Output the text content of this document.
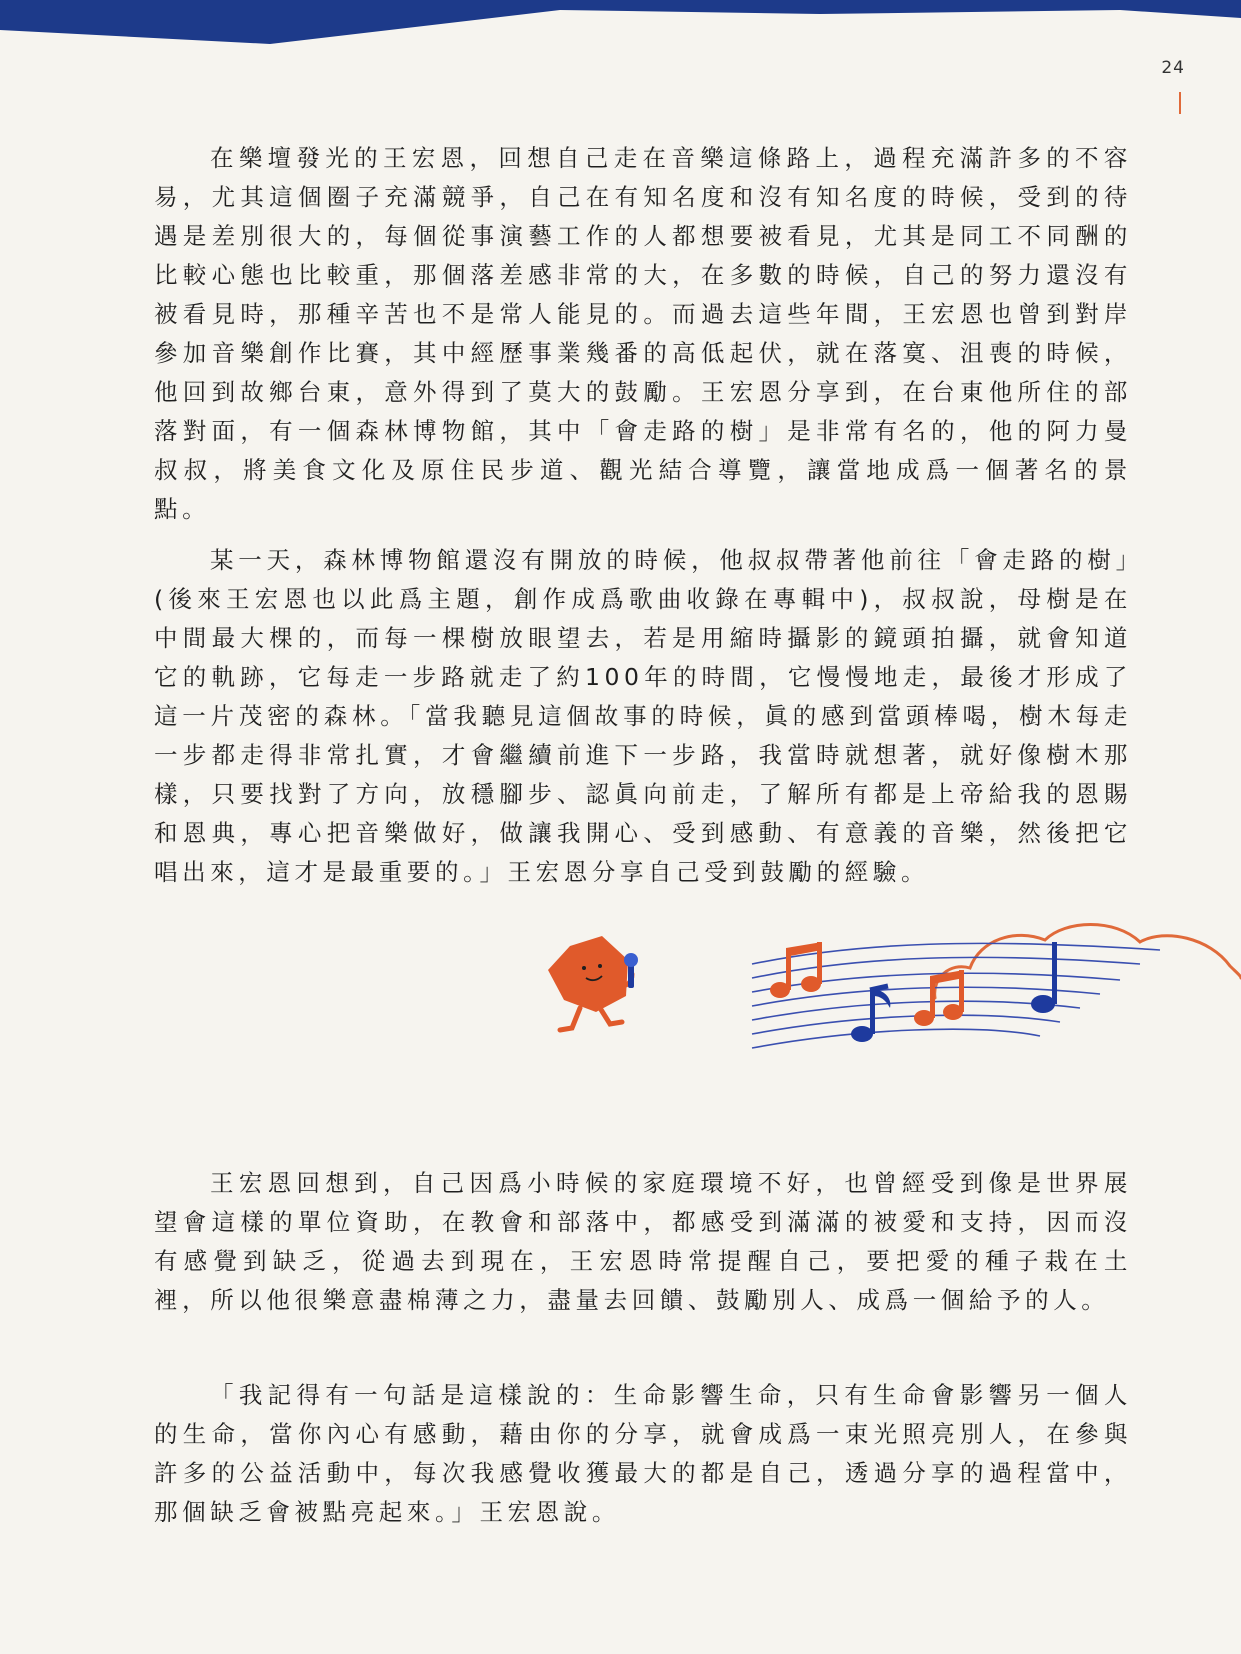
24

在樂壇發光的王宏恩，回想自己走在音樂這條路上，過程充滿許多的不容易，尤其這個圈子充滿競爭，自己在有知名度和沒有知名度的時候，受到的待遇是差別很大的，每個從事演藝工作的人都想要被看見，尤其是同工不同酬的比較心態也比較重，那個落差感非常的大，在多數的時候，自己的努力還沒有被看見時，那種辛苦也不是常人能見的。而過去這些年間，王宏恩也曾到對岸參加音樂創作比賽，其中經歷事業幾番的高低起伏，就在落寞、沮喪的時候，他回到故鄉台東，意外得到了莫大的鼓勵。王宏恩分享到，在台東他所住的部落對面，有一個森林博物館，其中「會走路的樹」是非常有名的，他的阿力曼叔叔，將美食文化及原住民步道、觀光結合導覽，讓當地成爲一個著名的景點。

某一天，森林博物館還沒有開放的時候，他叔叔帶著他前往「會走路的樹」(後來王宏恩也以此爲主題，創作成爲歌曲收錄在專輯中)，叔叔說，母樹是在中間最大棵的，而每一棵樹放眼望去，若是用縮時攝影的鏡頭拍攝，就會知道它的軌跡，它每走一步路就走了約100年的時間，它慢慢地走，最後才形成了這一片茂密的森林。「當我聽見這個故事的時候，眞的感到當頭棒喝，樹木每走一步都走得非常扎實，才會繼續前進下一步路，我當時就想著，就好像樹木那樣，只要找對了方向，放穩腳步、認眞向前走，了解所有都是上帝給我的恩賜和恩典，專心把音樂做好，做讓我開心、受到感動、有意義的音樂，然後把它唱出來，這才是最重要的。」王宏恩分享自己受到鼓勵的經驗。

王宏恩回想到，自己因爲小時候的家庭環境不好，也曾經受到像是世界展望會這樣的單位資助，在教會和部落中，都感受到滿滿的被愛和支持，因而沒有感覺到缺乏，從過去到現在，王宏恩時常提醒自己，要把愛的種子栽在土裡，所以他很樂意盡棉薄之力，盡量去回饋、鼓勵別人、成爲一個給予的人。

「我記得有一句話是這樣說的：生命影響生命，只有生命會影響另一個人的生命，當你內心有感動，藉由你的分享，就會成爲一束光照亮別人，在參與許多的公益活動中，每次我感覺收獲最大的都是自己，透過分享的過程當中，那個缺乏會被點亮起來。」王宏恩說。
